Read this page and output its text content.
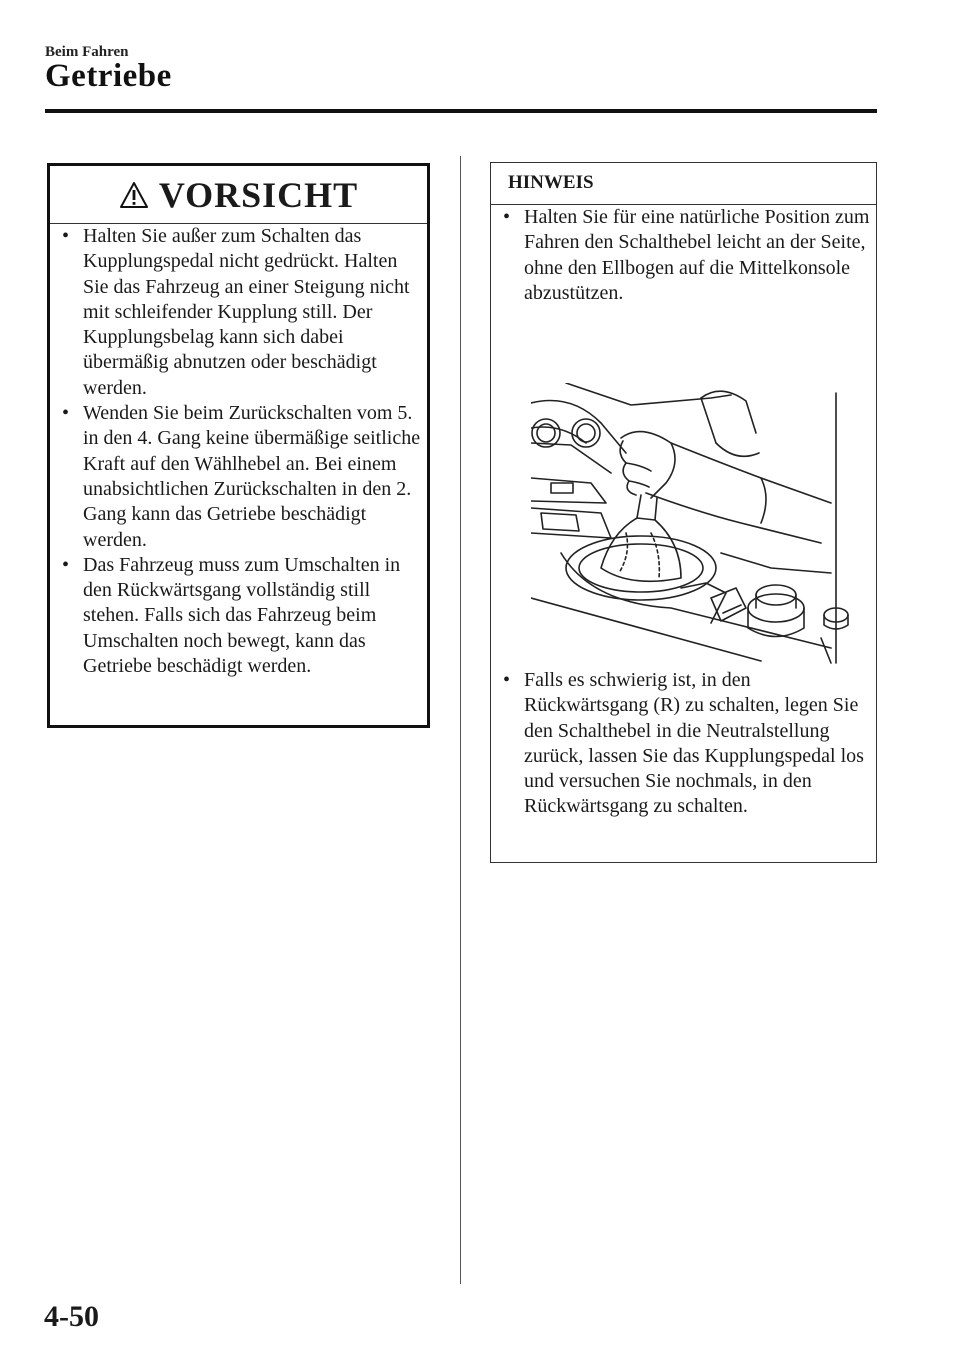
Beim Fahren
Getriebe
VORSICHT
• Halten Sie außer zum Schalten das Kupplungspedal nicht gedrückt. Halten Sie das Fahrzeug an einer Steigung nicht mit schleifender Kupplung still. Der Kupplungsbelag kann sich dabei übermäßig abnutzen oder beschädigt werden.
• Wenden Sie beim Zurückschalten vom 5. in den 4. Gang keine übermäßige seitliche Kraft auf den Wählhebel an. Bei einem unabsichtlichen Zurückschalten in den 2. Gang kann das Getriebe beschädigt werden.
• Das Fahrzeug muss zum Umschalten in den Rückwärtsgang vollständig still stehen. Falls sich das Fahrzeug beim Umschalten noch bewegt, kann das Getriebe beschädigt werden.
HINWEIS
• Halten Sie für eine natürliche Position zum Fahren den Schalthebel leicht an der Seite, ohne den Ellbogen auf die Mittelkonsole abzustützen.
• Falls es schwierig ist, in den Rückwärtsgang (R) zu schalten, legen Sie den Schalthebel in die Neutralstellung zurück, lassen Sie das Kupplungspedal los und versuchen Sie nochmals, in den Rückwärtsgang zu schalten.
4-50
